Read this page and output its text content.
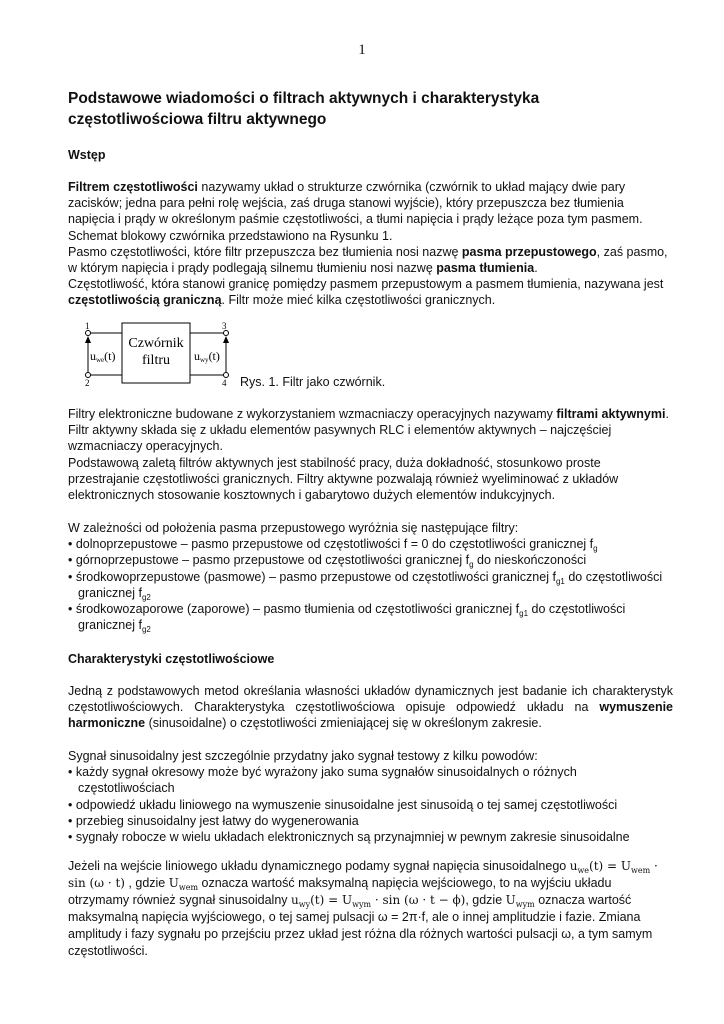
1
Podstawowe wiadomości o filtrach aktywnych i charakterystyka częstotliwościowa filtru aktywnego
Wstęp
Filtrem częstotliwości nazywamy układ o strukturze czwórnika (czwórnik to układ mający dwie pary zacisków; jedna para pełni rolę wejścia, zaś druga stanowi wyjście), który przepuszcza bez tłumienia napięcia i prądy w określonym paśmie częstotliwości, a tłumi napięcia i prądy leżące poza tym pasmem. Schemat blokowy czwórnika przedstawiono na Rysunku 1.
Pasmo częstotliwości, które filtr przepuszcza bez tłumienia nosi nazwę pasma przepustowego, zaś pasmo, w którym napięcia i prądy podlegają silnemu tłumieniu nosi nazwę pasma tłumienia.
Częstotliwość, która stanowi granicę pomiędzy pasmem przepustowym a pasmem tłumienia, nazywana jest częstotliwością graniczną. Filtr może mieć kilka częstotliwości granicznych.
1
2
3
4
Czwórnik
filtru
uwe(t)	uwy(t)
Rys. 1. Filtr jako czwórnik.
Filtry elektroniczne budowane z wykorzystaniem wzmacniaczy operacyjnych nazywamy filtrami aktywnymi.
Filtr aktywny składa się z układu elementów pasywnych RLC i elementów aktywnych – najczęściej wzmacniaczy operacyjnych.
Podstawową zaletą filtrów aktywnych jest stabilność pracy, duża dokładność, stosunkowo proste przestrajanie częstotliwości granicznych. Filtry aktywne pozwalają również wyeliminować z układów elektronicznych stosowanie kosztownych i gabarytowo dużych elementów indukcyjnych.
W zależności od położenia pasma przepustowego wyróżnia się następujące filtry:
• dolnoprzepustowe – pasmo przepustowe od częstotliwości f = 0 do częstotliwości granicznej $f_g$
• górnoprzepustowe – pasmo przepustowe od częstotliwości granicznej $f_g$ do nieskończoności
• środkowoprzepustowe (pasmowe) – pasmo przepustowe od częstotliwości granicznej $f_{g1}$ do częstotliwości granicznej $f_{g2}$
• środkowozaporowe (zaporowe) – pasmo tłumienia od częstotliwości granicznej $f_{g1}$ do częstotliwości granicznej $f_{g2}$
Charakterystyki częstotliwościowe
Jedną z podstawowych metod określania własności układów dynamicznych jest badanie ich charakterystyk częstotliwościowych. Charakterystyka częstotliwościowa opisuje odpowiedź układu na wymuszenie harmoniczne (sinusoidalne) o częstotliwości zmieniającej się w określonym zakresie.
Sygnał sinusoidalny jest szczególnie przydatny jako sygnał testowy z kilku powodów:
• każdy sygnał okresowy może być wyrażony jako suma sygnałów sinusoidalnych o różnych częstotliwościach
• odpowiedź układu liniowego na wymuszenie sinusoidalne jest sinusoidą o tej samej częstotliwości
• przebieg sinusoidalny jest łatwy do wygenerowania
• sygnały robocze w wielu układach elektronicznych są przynajmniej w pewnym zakresie sinusoidalne
Jeżeli na wejście liniowego układu dynamicznego podamy sygnał napięcia sinusoidalnego $u_{we}(t) = U_{wem}$ ·
sin (ω · t) , gdzie $U_{wem}$ oznacza wartość maksymalną napięcia wejściowego, to na wyjściu układu otrzymamy również sygnał sinusoidalny $u_{wy}(t) = U_{wym} \cdot \sin (\omega \cdot t - \phi)$, gdzie $U_{wym}$ oznacza wartość maksymalną napięcia wyjściowego, o tej samej pulsacji ω = 2π·f, ale o innej amplitudzie i fazie. Zmiana amplitudy i fazy sygnału po przejściu przez układ jest różna dla różnych wartości pulsacji ω, a tym samym częstotliwości.
